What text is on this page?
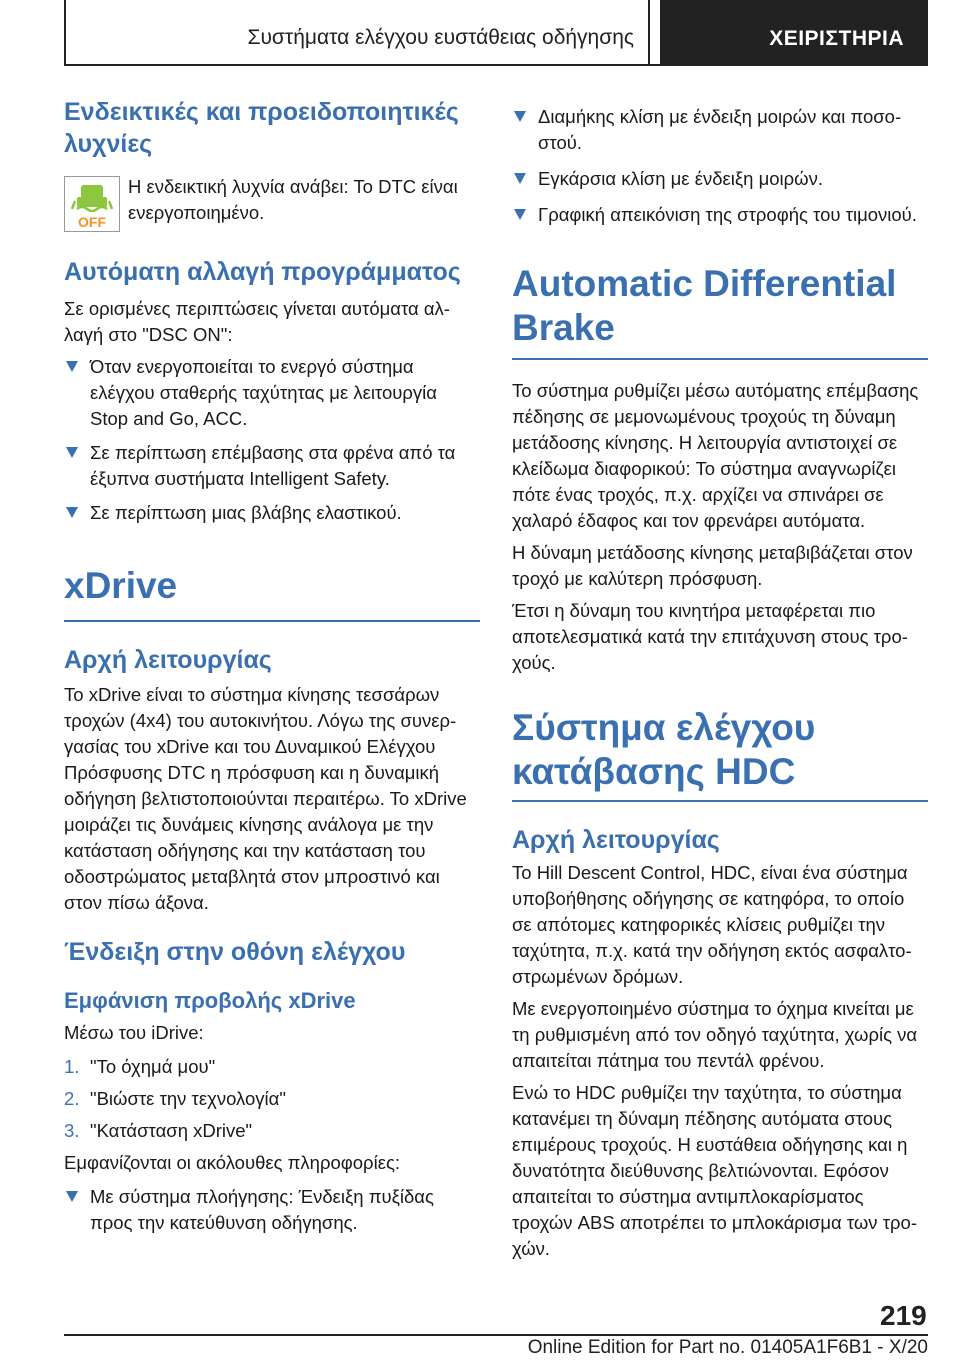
Συστήματα ελέγχου ευστάθειας οδήγησης	ΧΕΙΡΙΣΤΗΡΙΑ
Ενδεικτικές και προειδοποιητικές λυχνίες
OFF
Η ενδεικτική λυχνία ανάβει: Το DTC είναι ενεργοποιημένο.
Αυτόματη αλλαγή προγράμματος

Σε ορισμένες περιπτώσεις γίνεται αυτόματα αλλαγή στο "DSC ON":

Όταν ενεργοποιείται το ενεργό σύστημα ελέγχου σταθερής ταχύτητας με λειτουργία Stop and Go, ACC.
Σε περίπτωση επέμβασης στα φρένα από τα έξυπνα συστήματα Intelligent Safety.
Σε περίπτωση μιας βλάβης ελαστικού.
xDrive
Αρχή λειτουργίας

Το xDrive είναι το σύστημα κίνησης τεσσάρων τροχών (4x4) του αυτοκινήτου. Λόγω της συνεργασίας του xDrive και του Δυναμικού Ελέγχου Πρόσφυσης DTC η πρόσφυση και η δυναμική οδήγηση βελτιστοποιούνται περαιτέρω. Το xDrive μοιράζει τις δυνάμεις κίνησης ανάλογα με την κατάσταση οδήγησης και την κατάσταση του οδοστρώματος μεταβλητά στον μπροστινό και στον πίσω άξονα.

Ένδειξη στην οθόνη ελέγχου
Εμφάνιση προβολής xDrive

Μέσω του iDrive:

1. "Το όχημά μου"
2. "Βιώστε την τεχνολογία"
3. "Κατάσταση xDrive"

Εμφανίζονται οι ακόλουθες πληροφορίες:

Με σύστημα πλοήγησης: Ένδειξη πυξίδας προς την κατεύθυνση οδήγησης.
Διαμήκης κλίση με ένδειξη μοιρών και ποσοστού.
Εγκάρσια κλίση με ένδειξη μοιρών.
Γραφική απεικόνιση της στροφής του τιμονιού.
Automatic Differential Brake

Το σύστημα ρυθμίζει μέσω αυτόματης επέμβασης πέδησης σε μεμονωμένους τροχούς τη δύναμη μετάδοσης κίνησης. Η λειτουργία αντιστοιχεί σε κλείδωμα διαφορικού: Το σύστημα αναγνωρίζει πότε ένας τροχός, π.χ. αρχίζει να σπινάρει σε χαλαρό έδαφος και τον φρενάρει αυτόματα.

Η δύναμη μετάδοσης κίνησης μεταβιβάζεται στον τροχό με καλύτερη πρόσφυση.

Έτσι η δύναμη του κινητήρα μεταφέρεται πιο αποτελεσματικά κατά την επιτάχυνση στους τροχούς.

Σύστημα ελέγχου κατάβασης HDC
Αρχή λειτουργίας

Το Hill Descent Control, HDC, είναι ένα σύστημα υποβοήθησης οδήγησης σε κατηφόρα, το οποίο σε απότομες κατηφορικές κλίσεις ρυθμίζει την ταχύτητα, π.χ. κατά την οδήγηση εκτός ασφαλτοστρωμένων δρόμων.

Με ενεργοποιημένο σύστημα το όχημα κινείται με τη ρυθμισμένη από τον οδηγό ταχύτητα, χωρίς να απαιτείται πάτημα του πεντάλ φρένου.

Ενώ το HDC ρυθμίζει την ταχύτητα, το σύστημα κατανέμει τη δύναμη πέδησης αυτόματα στους επιμέρους τροχούς. Η ευστάθεια οδήγησης και η δυνατότητα διεύθυνσης βελτιώνονται. Εφόσον απαιτείται το σύστημα αντιμπλοκαρίσματος τροχών ABS αποτρέπει το μπλοκάρισμα των τροχών.

219
Online Edition for Part no. 01405A1F6B1 - X/20
